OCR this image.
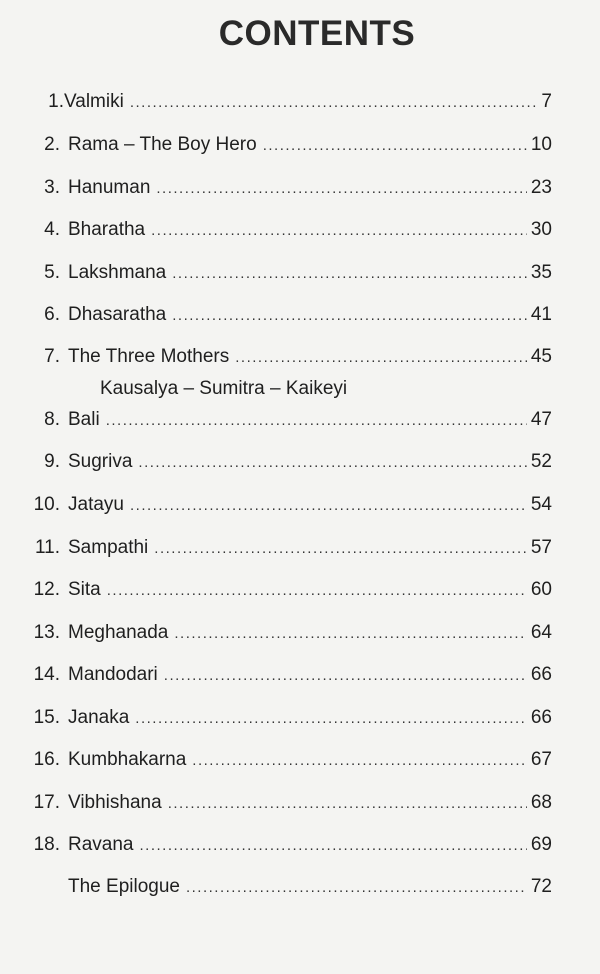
CONTENTS
1. Valmiki .....	7
2. Rama – The Boy Hero .....	10
3. Hanuman .....	23
4. Bharatha .....	30
5. Lakshmana .....	35
6. Dhasaratha .....	41
7. The Three Mothers .....	45
Kausalya – Sumitra – Kaikeyi
8. Bali .....	47
9. Sugriva .....	52
10. Jatayu .....	54
11. Sampathi .....	57
12. Sita .....	60
13. Meghanada .....	64
14. Mandodari .....	66
15. Janaka .....	66
16. Kumbhakarna .....	67
17. Vibhishana .....	68
18. Ravana .....	69
The Epilogue .....	72
